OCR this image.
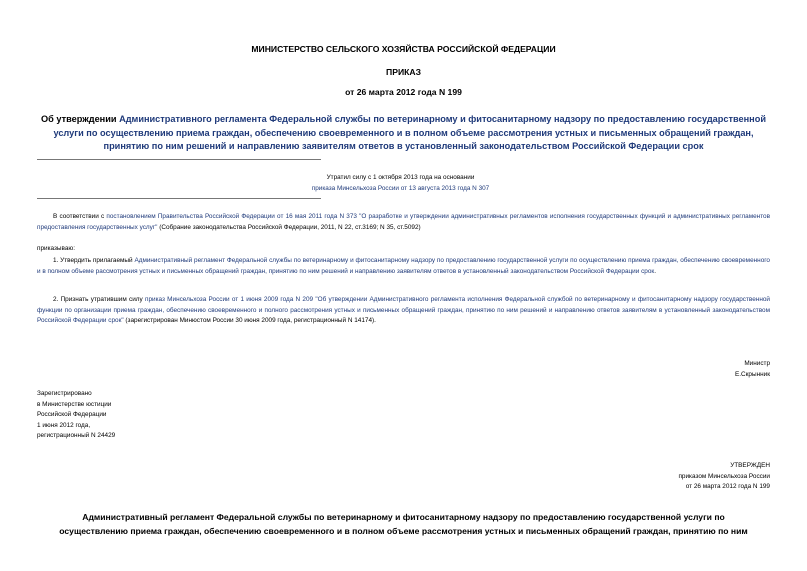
МИНИСТЕРСТВО СЕЛЬСКОГО ХОЗЯЙСТВА РОССИЙСКОЙ ФЕДЕРАЦИИ
ПРИКАЗ
от 26 марта 2012 года N 199
Об утверждении Административного регламента Федеральной службы по ветеринарному и фитосанитарному надзору по предоставлению государственной услуги по осуществлению приема граждан, обеспечению своевременного и в полном объеме рассмотрения устных и письменных обращений граждан, принятию по ним решений и направлению заявителям ответов в установленный законодательством Российской Федерации срок
Утратил силу с 1 октября 2013 года на основании
приказа Минсельхоза России от 13 августа 2013 года N 307
В соответствии с постановлением Правительства Российской Федерации от 16 мая 2011 года N 373 "О разработке и утверждении административных регламентов исполнения государственных функций и административных регламентов предоставления государственных услуг" (Собрание законодательства Российской Федерации, 2011, N 22, ст.3169; N 35, ст.5092)
приказываю:
1. Утвердить прилагаемый Административный регламент Федеральной службы по ветеринарному и фитосанитарному надзору по предоставлению государственной услуги по осуществлению приема граждан, обеспечению своевременного и в полном объеме рассмотрения устных и письменных обращений граждан, принятию по ним решений и направлению заявителям ответов в установленный законодательством Российской Федерации срок.
2. Признать утратившим силу приказ Минсельхоза России от 1 июня 2009 года N 209 "Об утверждении Административного регламента исполнения Федеральной службой по ветеринарному и фитосанитарному надзору государственной функции по организации приема граждан, обеспечению своевременного и полного рассмотрения устных и письменных обращений граждан, принятию по ним решений и направлению ответов заявителям в установленный законодательством Российской Федерации срок" (зарегистрирован Минюстом России 30 июня 2009 года, регистрационный N 14174).
Министр
Е.Скрынник
Зарегистрировано
в Министерстве юстиции
Российской Федерации
1 июня 2012 года,
регистрационный N 24429
УТВЕРЖДЕН
приказом Минсельхоза России
от 26 марта 2012 года N 199
Административный регламент Федеральной службы по ветеринарному и фитосанитарному надзору по предоставлению государственной услуги по
осуществлению приема граждан, обеспечению своевременного и в полном объеме рассмотрения устных и письменных обращений граждан, принятию по ним
